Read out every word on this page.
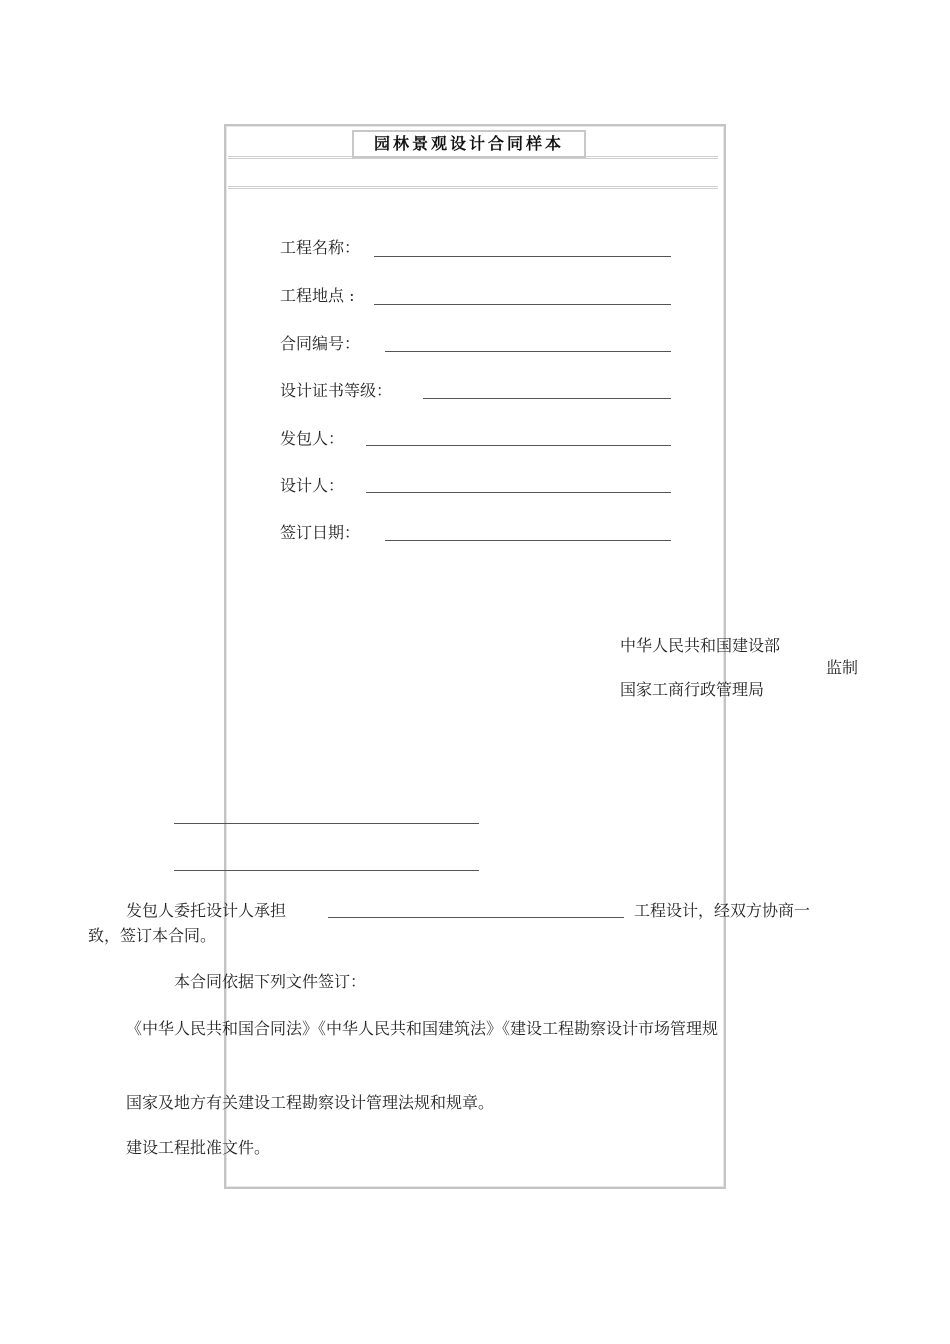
园林景观设计合同样本
工程名称：
工程地点 :
合同编号：
设计证书等级：
发包人：
设计人：
签订日期：
中华人民共和国建设部
监制
国家工商行政管理局
发包人委托设计人承担	工程设计，经双方协商一
致，签订本合同。
本合同依据下列文件签订：
《中华人民共和国合同法》《中华人民共和国建筑法》《建设工程勘察设计市场管理规
国家及地方有关建设工程勘察设计管理法规和规章。
建设工程批准文件。
